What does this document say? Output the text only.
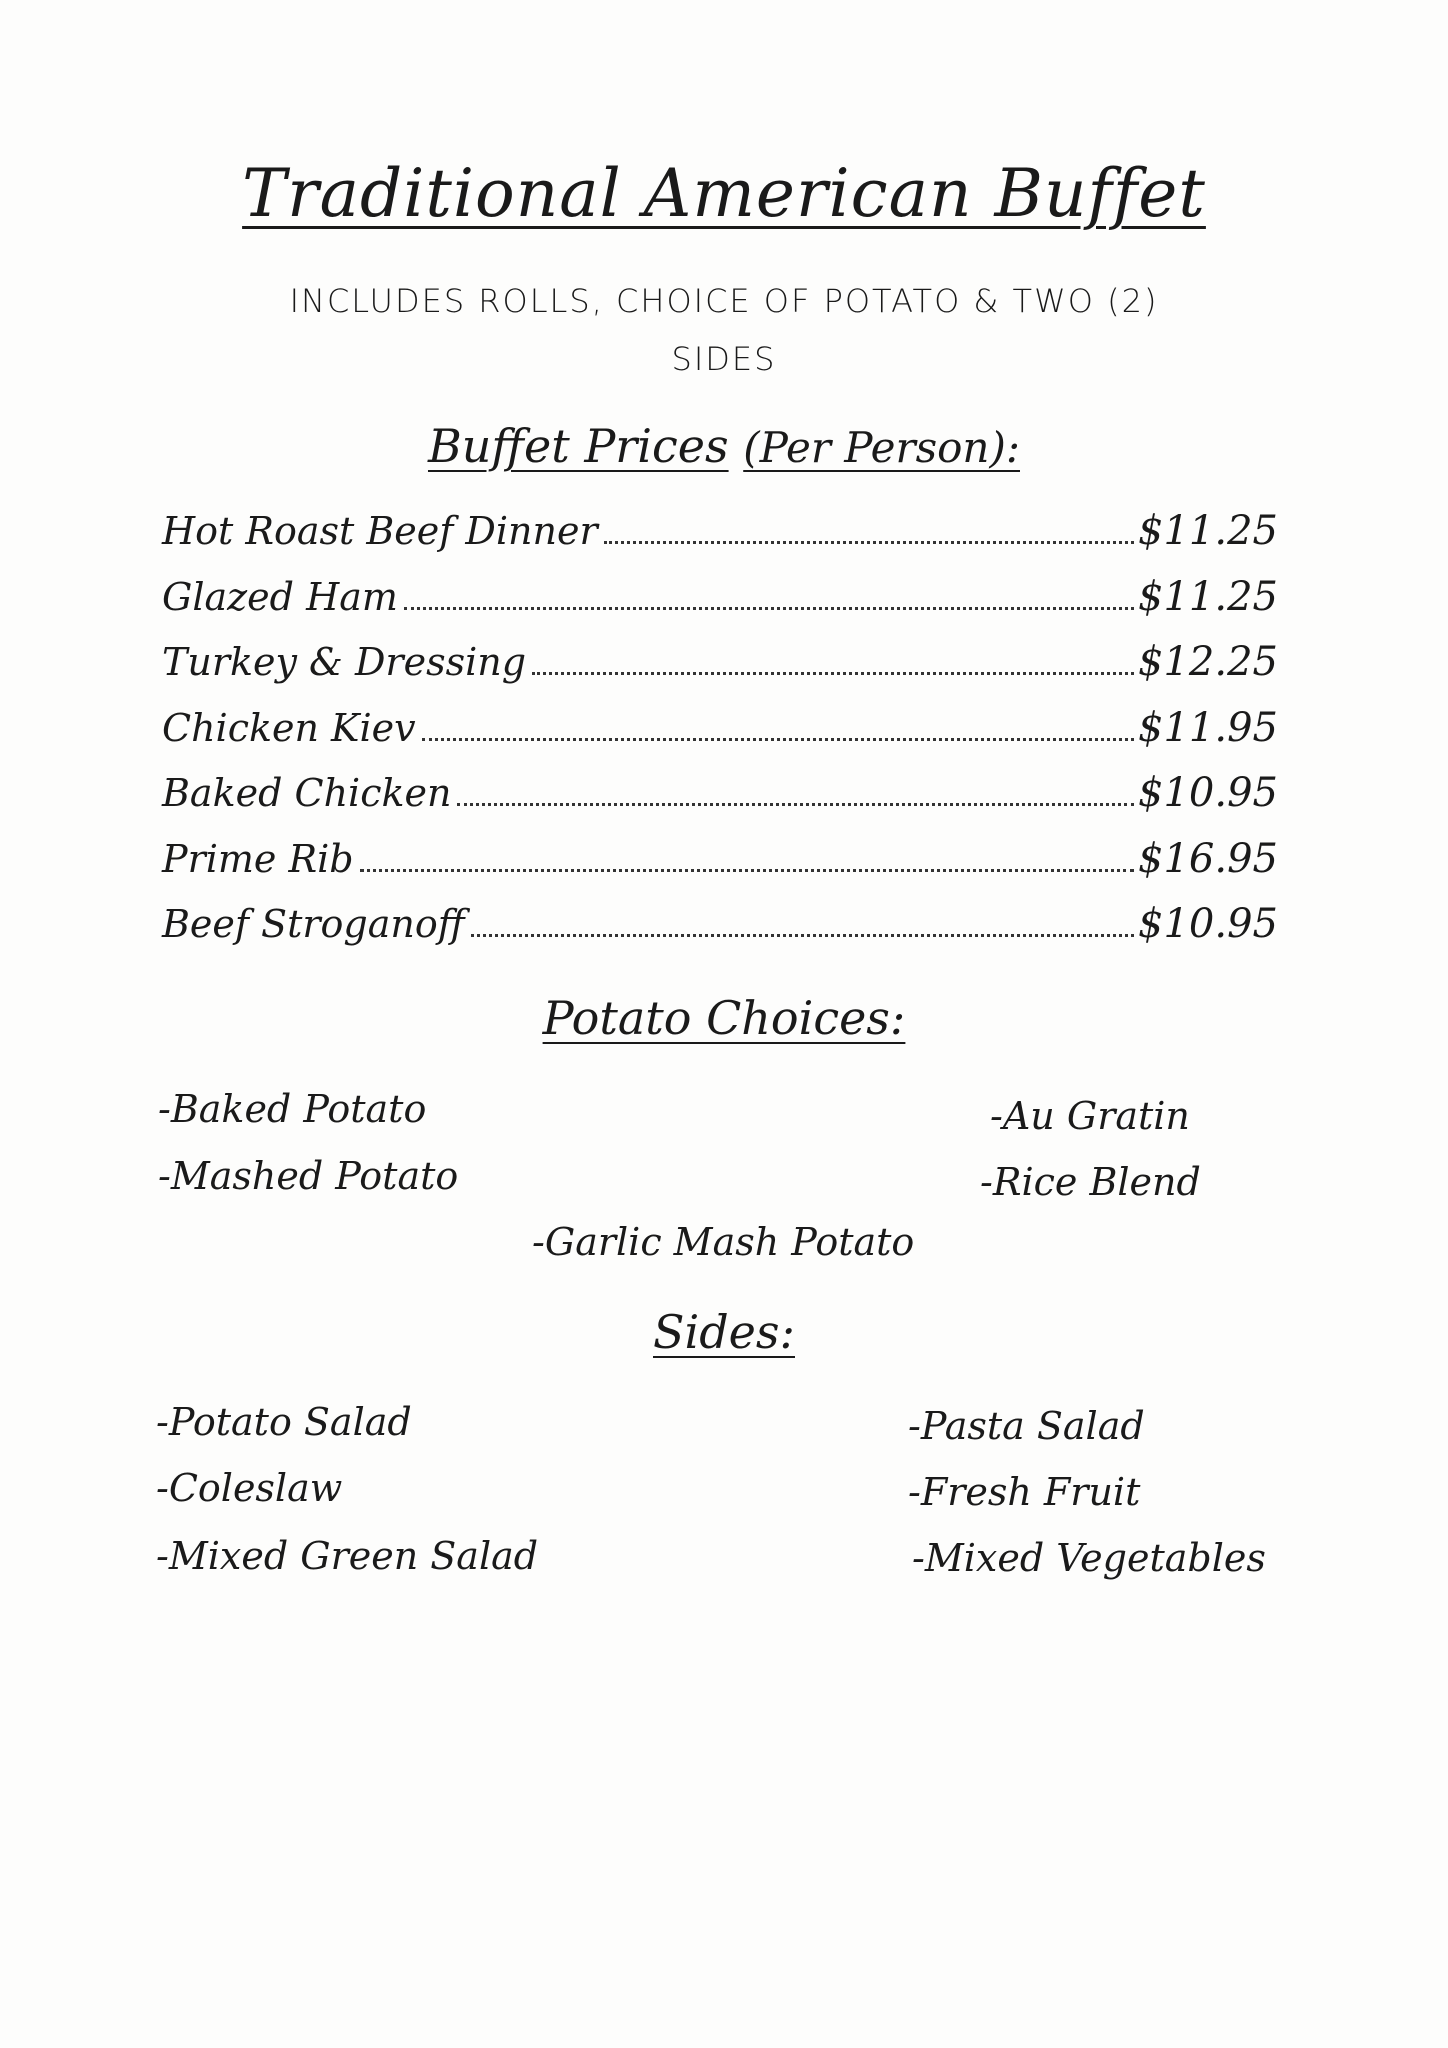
Traditional American Buffet
INCLUDES ROLLS, CHOICE OF POTATO & TWO (2)
SIDES
Buffet Prices (Per Person):
Hot Roast Beef Dinner	$11.25
Glazed Ham	$11.25
Turkey & Dressing	$12.25
Chicken Kiev	$11.95
Baked Chicken	$10.95
Prime Rib	$16.95
Beef Stroganoff	$10.95
Potato Choices:
-Baked Potato
-Mashed Potato
-Au Gratin
-Rice Blend
-Garlic Mash Potato
Sides:
-Potato Salad
-Coleslaw
-Mixed Green Salad
-Pasta Salad
-Fresh Fruit
-Mixed Vegetables
